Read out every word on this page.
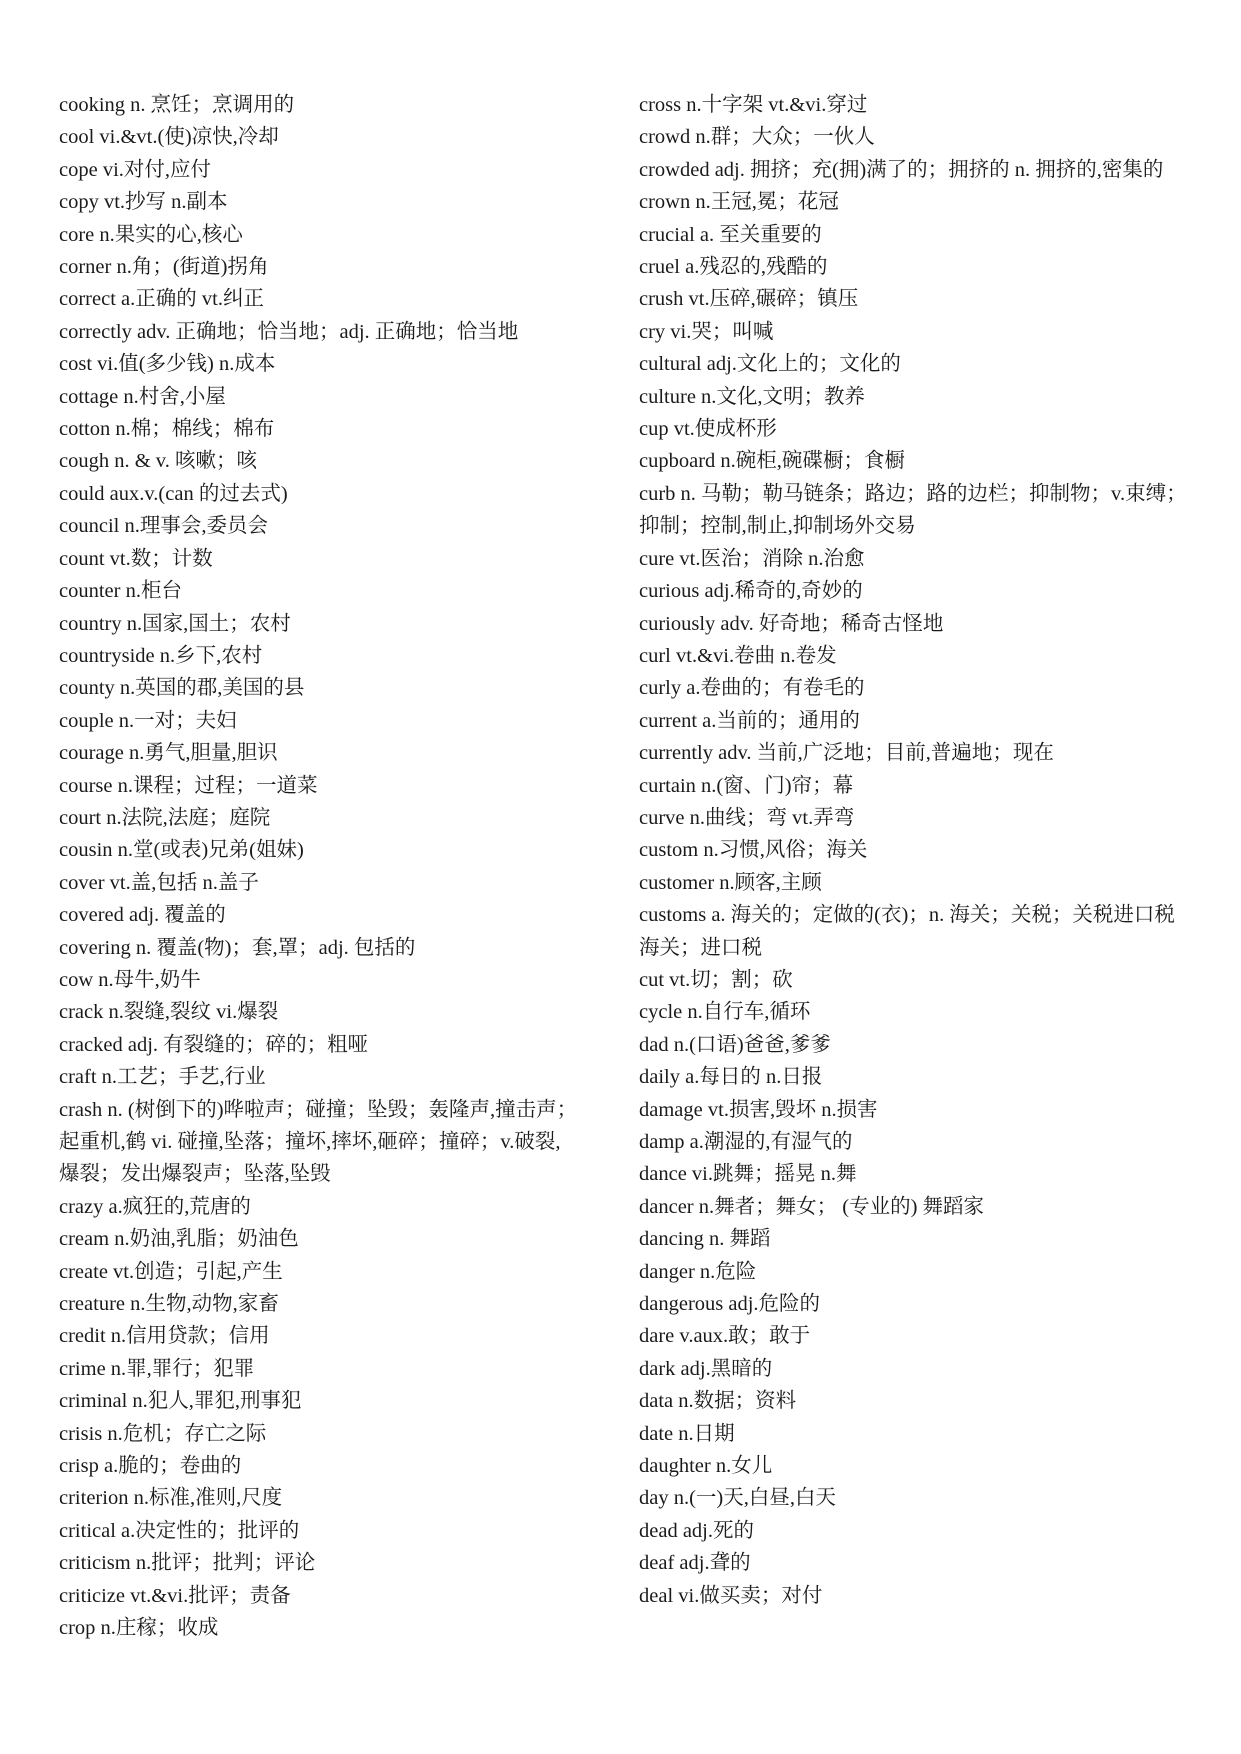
cooking n. 烹饪；烹调用的
cool vi.&vt.(使)凉快,冷却
cope vi.对付,应付
copy vt.抄写 n.副本
core n.果实的心,核心
corner n.角；(街道)拐角
correct a.正确的 vt.纠正
correctly adv. 正确地；恰当地；adj. 正确地；恰当地
cost vi.值(多少钱) n.成本
cottage n.村舍,小屋
cotton n.棉；棉线；棉布
cough n. & v. 咳嗽；咳
could aux.v.(can 的过去式)
council n.理事会,委员会
count vt.数；计数
counter n.柜台
country n.国家,国土；农村
countryside n.乡下,农村
county n.英国的郡,美国的县
couple n.一对；夫妇
courage n.勇气,胆量,胆识
course n.课程；过程；一道菜
court n.法院,法庭；庭院
cousin n.堂(或表)兄弟(姐妹)
cover vt.盖,包括 n.盖子
covered adj. 覆盖的
covering n. 覆盖(物)；套,罩；adj. 包括的
cow n.母牛,奶牛
crack n.裂缝,裂纹 vi.爆裂
cracked adj. 有裂缝的；碎的；粗哑
craft n.工艺；手艺,行业
crash n. (树倒下的)哗啦声；碰撞；坠毁；轰隆声,撞击声；起重机,鹤 vi. 碰撞,坠落；撞坏,摔坏,砸碎；撞碎；v.破裂,爆裂；发出爆裂声；坠落,坠毁
crazy a.疯狂的,荒唐的
cream n.奶油,乳脂；奶油色
create vt.创造；引起,产生
creature n.生物,动物,家畜
credit n.信用贷款；信用
crime n.罪,罪行；犯罪
criminal n.犯人,罪犯,刑事犯
crisis n.危机；存亡之际
crisp a.脆的；卷曲的
criterion n.标准,准则,尺度
critical a.决定性的；批评的
criticism n.批评；批判；评论
criticize vt.&vi.批评；责备
crop n.庄稼；收成
cross n.十字架 vt.&vi.穿过
crowd n.群；大众；一伙人
crowded adj. 拥挤；充(拥)满了的；拥挤的 n. 拥挤的,密集的
crown n.王冠,冕；花冠
crucial a. 至关重要的
cruel a.残忍的,残酷的
crush vt.压碎,碾碎；镇压
cry vi.哭；叫喊
cultural adj.文化上的；文化的
culture n.文化,文明；教养
cup vt.使成杯形
cupboard n.碗柜,碗碟橱；食橱
curb n. 马勒；勒马链条；路边；路的边栏；抑制物；v.束缚；抑制；控制,制止,抑制场外交易
cure vt.医治；消除 n.治愈
curious adj.稀奇的,奇妙的
curiously adv. 好奇地；稀奇古怪地
curl vt.&vi.卷曲 n.卷发
curly a.卷曲的；有卷毛的
current a.当前的；通用的
currently adv. 当前,广泛地；目前,普遍地；现在
curtain n.(窗、门)帘；幕
curve n.曲线；弯 vt.弄弯
custom n.习惯,风俗；海关
customer n.顾客,主顾
customs a. 海关的；定做的(衣)；n. 海关；关税；关税进口税海关；进口税
cut vt.切；割；砍
cycle n.自行车,循环
dad n.(口语)爸爸,爹爹
daily a.每日的 n.日报
damage vt.损害,毁坏 n.损害
damp a.潮湿的,有湿气的
dance vi.跳舞；摇晃 n.舞
dancer n.舞者；舞女； (专业的) 舞蹈家
dancing n. 舞蹈
danger n.危险
dangerous adj.危险的
dare v.aux.敢；敢于
dark adj.黑暗的
data n.数据；资料
date n.日期
daughter n.女儿
day n.(一)天,白昼,白天
dead adj.死的
deaf adj.聋的
deal vi.做买卖；对付
